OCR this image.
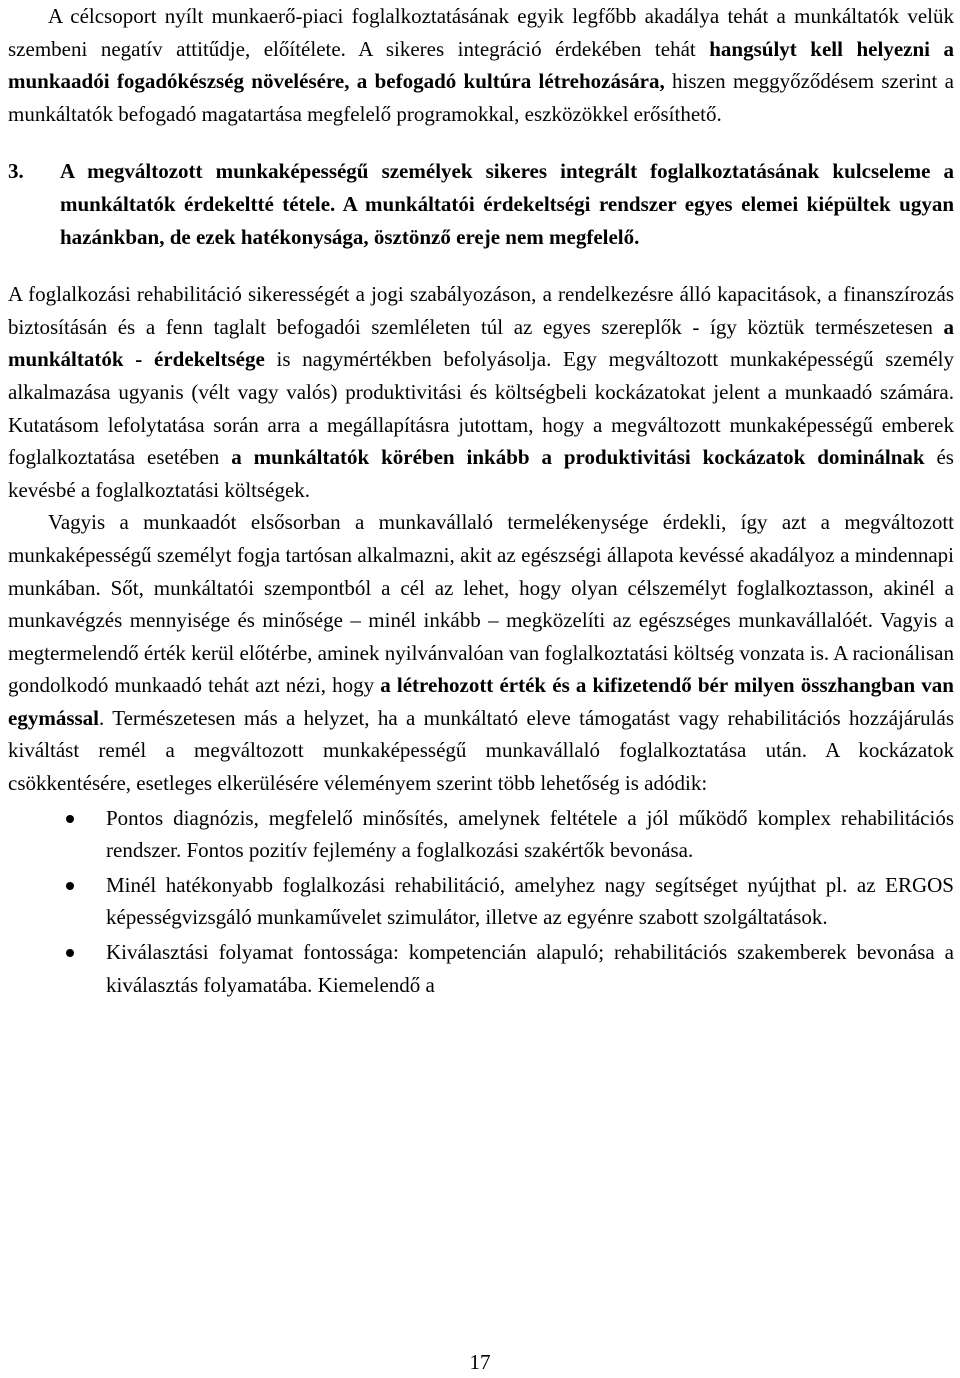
A célcsoport nyílt munkaerő-piaci foglalkoztatásának egyik legfőbb akadálya tehát a munkáltatók velük szembeni negatív attitűdje, előítélete. A sikeres integráció érdekében tehát hangsúlyt kell helyezni a munkaadói fogadókészség növelésére, a befogadó kultúra létrehozására, hiszen meggyőződésem szerint a munkáltatók befogadó magatartása megfelelő programokkal, eszközökkel erősíthető.

3. A megváltozott munkaképességű személyek sikeres integrált foglalkoztatásának kulcseleme a munkáltatók érdekeltté tétele. A munkáltatói érdekeltségi rendszer egyes elemei kiépültek ugyan hazánkban, de ezek hatékonysága, ösztönző ereje nem megfelelő.

A foglalkozási rehabilitáció sikerességét a jogi szabályozáson, a rendelkezésre álló kapacitások, a finanszírozás biztosításán és a fenn taglalt befogadói szemléleten túl az egyes szereplők - így köztük természetesen a munkáltatók - érdekeltsége is nagymértékben befolyásolja. Egy megváltozott munkaképességű személy alkalmazása ugyanis (vélt vagy valós) produktivitási és költségbeli kockázatokat jelent a munkaadó számára. Kutatásom lefolytatása során arra a megállapításra jutottam, hogy a megváltozott munkaképességű emberek foglalkoztatása esetében a munkáltatók körében inkább a produktivitási kockázatok dominálnak és kevésbé a foglalkoztatási költségek.

Vagyis a munkaadót elsősorban a munkavállaló termelékenysége érdekli, így azt a megváltozott munkaképességű személyt fogja tartósan alkalmazni, akit az egészségi állapota kevéssé akadályoz a mindennapi munkában. Sőt, munkáltatói szempontból a cél az lehet, hogy olyan célszemélyt foglalkoztasson, akinél a munkavégzés mennyisége és minősége – minél inkább – megközelíti az egészséges munkavállalóét. Vagyis a megtermelendő érték kerül előtérbe, aminek nyilvánvalóan van foglalkoztatási költség vonzata is. A racionálisan gondolkodó munkaadó tehát azt nézi, hogy a létrehozott érték és a kifizetendő bér milyen összhangban van egymással. Természetesen más a helyzet, ha a munkáltató eleve támogatást vagy rehabilitációs hozzájárulás kiváltást remél a megváltozott munkaképességű munkavállaló foglalkoztatása után. A kockázatok csökkentésére, esetleges elkerülésére véleményem szerint több lehetőség is adódik:

Pontos diagnózis, megfelelő minősítés, amelynek feltétele a jól működő komplex rehabilitációs rendszer. Fontos pozitív fejlemény a foglalkozási szakértők bevonása.
Minél hatékonyabb foglalkozási rehabilitáció, amelyhez nagy segítséget nyújthat pl. az ERGOS képességvizsgáló munkaművelet szimulátor, illetve az egyénre szabott szolgáltatások.
Kiválasztási folyamat fontossága: kompetencián alapuló; rehabilitációs szakemberek bevonása a kiválasztás folyamatába. Kiemelendő a
17
